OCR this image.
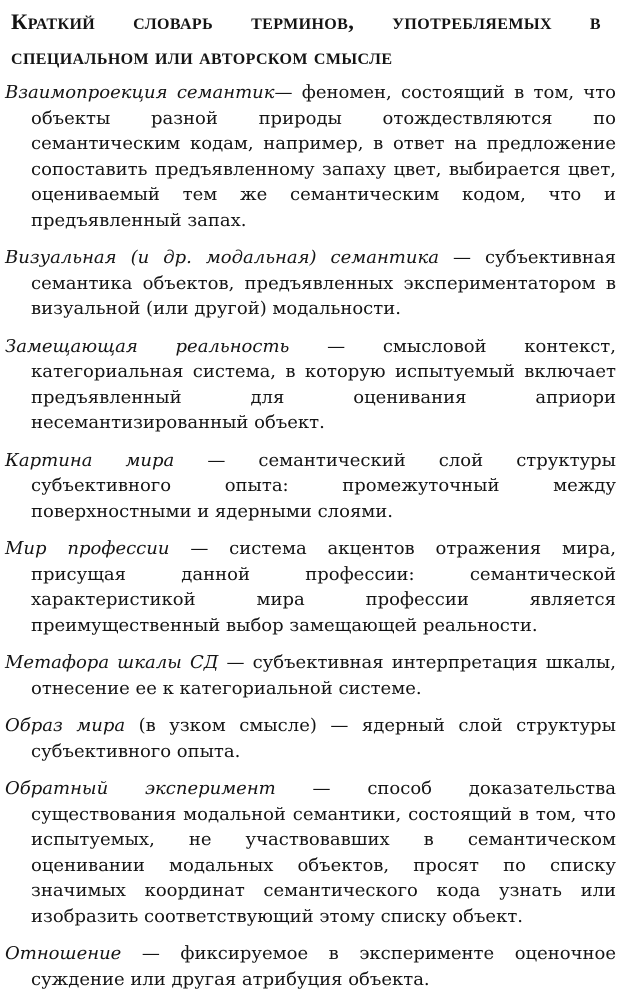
Краткий словарь терминов, употребляемых в специальном или авторском смысле

Взаимопроекция семантик— феномен, состоящий в том, что объекты разной природы отождествляются по семантическим кодам, например, в ответ на предложение сопоставить предъявленному запаху цвет, выбирается цвет, оцениваемый тем же семантическим кодом, что и предъявленный запах.

Визуальная (и др. модальная) семантика — субъективная семантика объектов, предъявленных экспериментатором в визуальной (или другой) модальности.

Замещающая реальность — смысловой контекст, категориальная система, в которую испытуемый включает предъявленный для оценивания априори несемантизированный объект.

Картина мира — семантический слой структуры субъективного опыта: промежуточный между поверхностными и ядерными слоями.

Мир профессии — система акцентов отражения мира, присущая данной профессии: семантической характеристикой мира профессии является преимущественный выбор замещающей реальности.

Метафора шкалы СД — субъективная интерпретация шкалы, отнесение ее к категориальной системе.

Образ мира (в узком смысле) — ядерный слой структуры субъективного опыта.

Обратный эксперимент — способ доказательства существования модальной семантики, состоящий в том, что испытуемых, не участвовавших в семантическом оценивании модальных объектов, просят по списку значимых координат семантического кода узнать или изобразить соответствующий этому списку объект.

Отношение — фиксируемое в эксперименте оценочное суждение или другая атрибуция объекта.
